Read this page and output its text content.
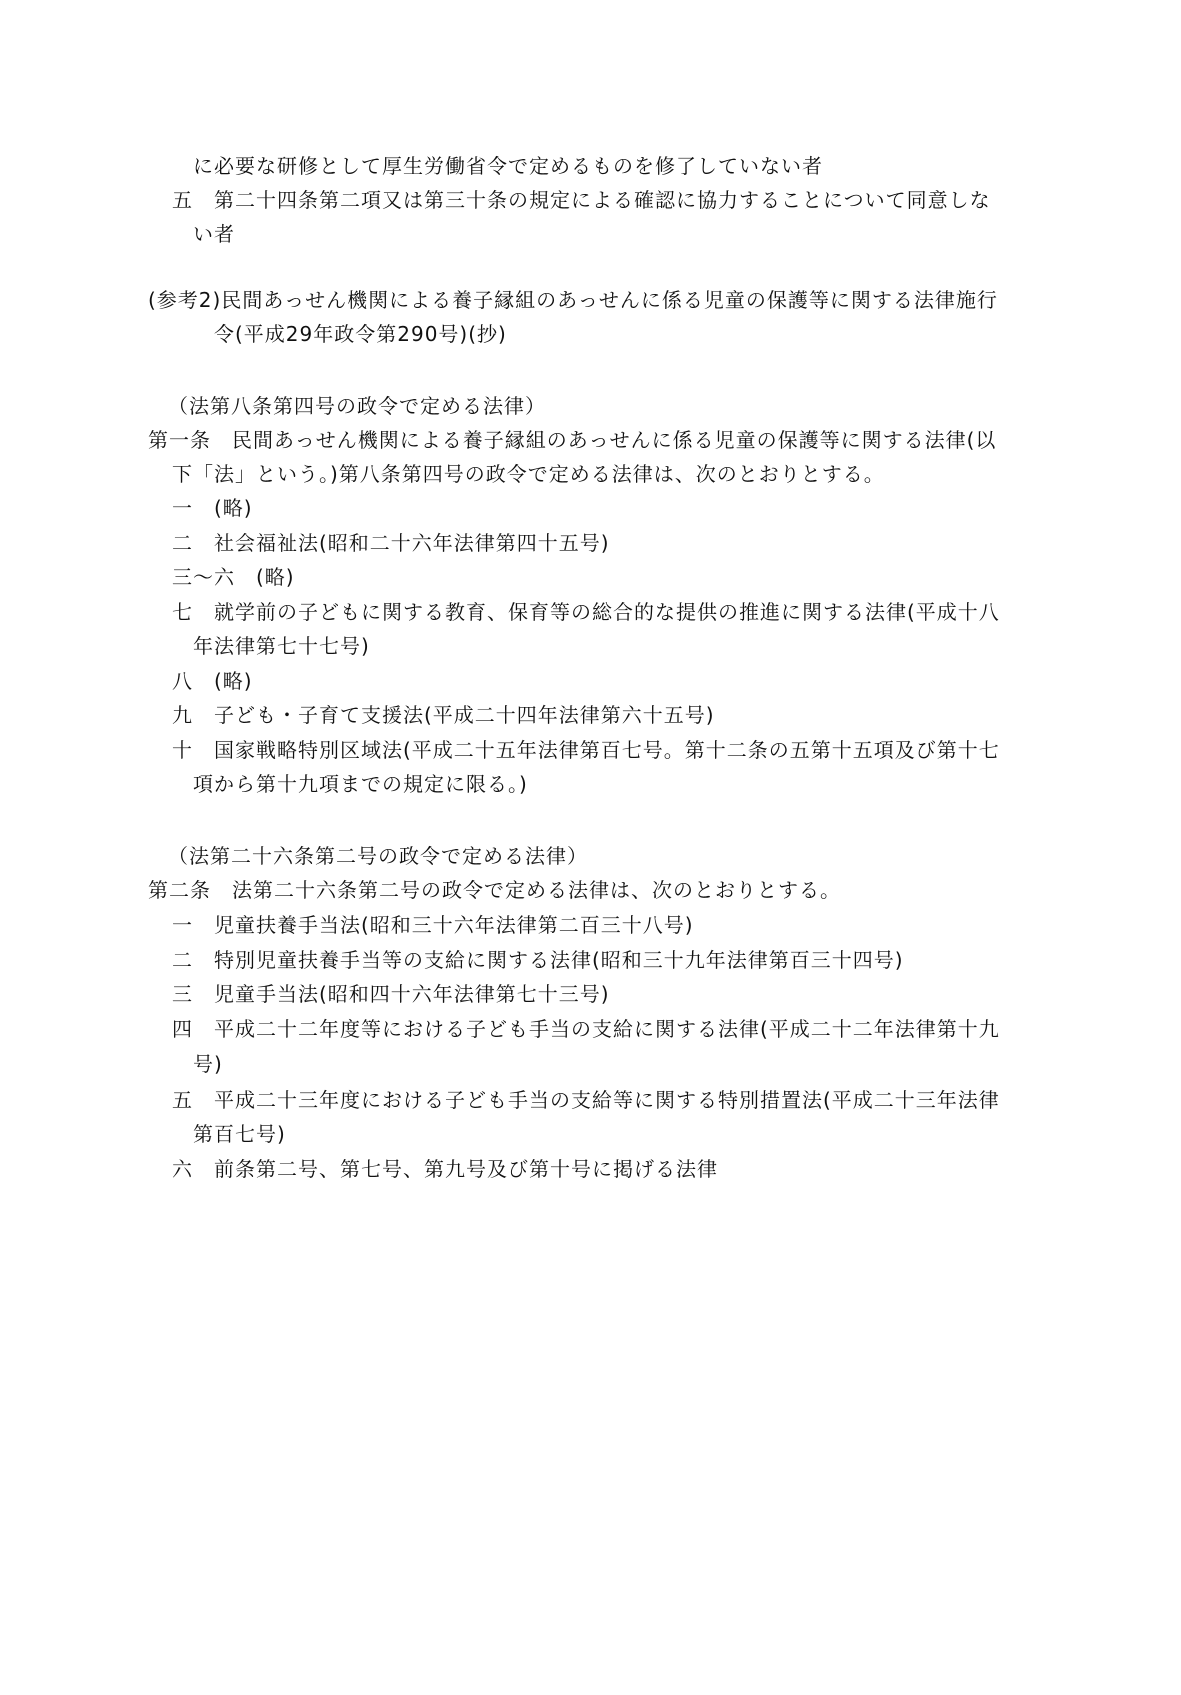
に必要な研修として厚生労働省令で定めるものを修了していない者

五　第二十四条第二項又は第三十条の規定による確認に協力することについて同意しな

い者

(参考2)民間あっせん機関による養子縁組のあっせんに係る児童の保護等に関する法律施行

令(平成29年政令第290号)(抄)

（法第八条第四号の政令で定める法律）

第一条　民間あっせん機関による養子縁組のあっせんに係る児童の保護等に関する法律(以

下「法」という。)第八条第四号の政令で定める法律は、次のとおりとする。

一　(略)

二　社会福祉法(昭和二十六年法律第四十五号)

三〜六　(略)

七　就学前の子どもに関する教育、保育等の総合的な提供の推進に関する法律(平成十八

年法律第七十七号)

八　(略)

九　子ども・子育て支援法(平成二十四年法律第六十五号)

十　国家戦略特別区域法(平成二十五年法律第百七号。第十二条の五第十五項及び第十七

項から第十九項までの規定に限る。)

（法第二十六条第二号の政令で定める法律）

第二条　法第二十六条第二号の政令で定める法律は、次のとおりとする。

一　児童扶養手当法(昭和三十六年法律第二百三十八号)

二　特別児童扶養手当等の支給に関する法律(昭和三十九年法律第百三十四号)

三　児童手当法(昭和四十六年法律第七十三号)

四　平成二十二年度等における子ども手当の支給に関する法律(平成二十二年法律第十九

号)

五　平成二十三年度における子ども手当の支給等に関する特別措置法(平成二十三年法律

第百七号)

六　前条第二号、第七号、第九号及び第十号に掲げる法律
